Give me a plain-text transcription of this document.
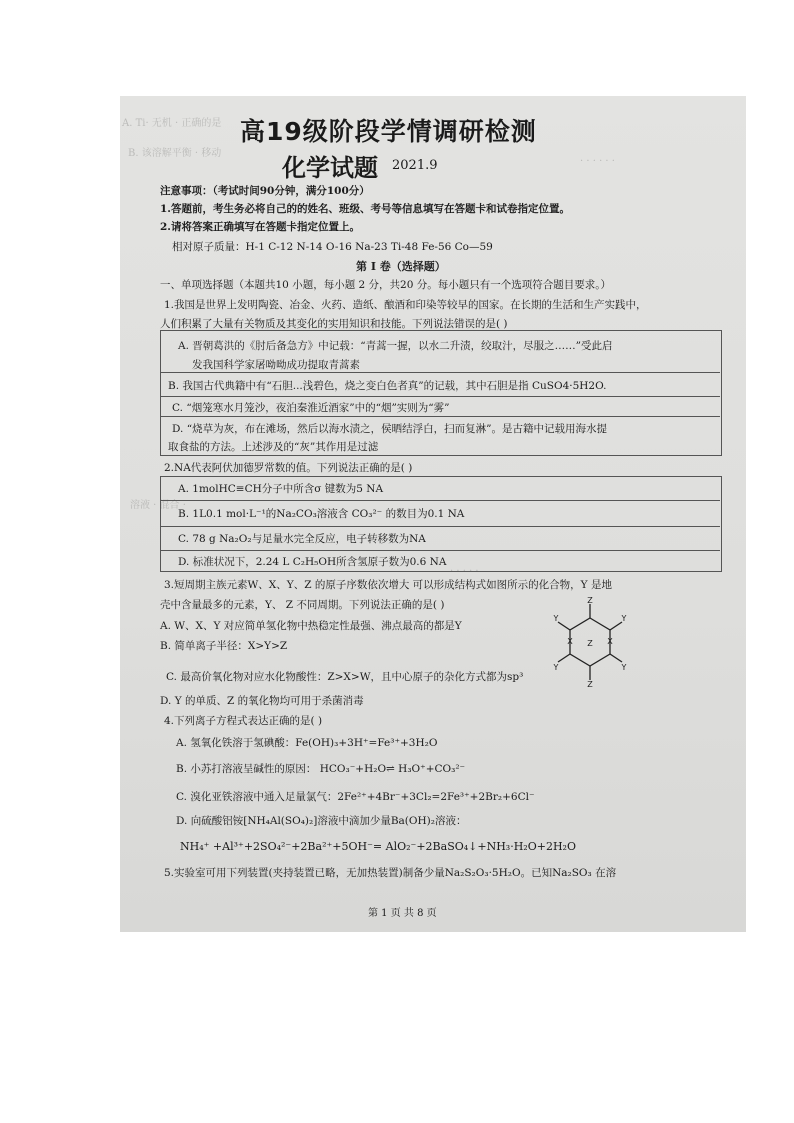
A. Ti· 无机 · 正确的是
B. 该溶解平衡 · 移动
· · · · · ·
溶液 · 混合 ·
· · · · ·
高19级阶段学情调研检测
化学试题 2021.9
注意事项：（考试时间90分钟，满分100分）
1.答题前，考生务必将自己的的姓名、班级、考号等信息填写在答题卡和试卷指定位置。
2.请将答案正确填写在答题卡指定位置上。
相对原子质量：H-1 C-12 N-14 O-16 Na-23 Ti-48 Fe-56 Co—59
第 Ⅰ 卷（选择题）
一、单项选择题（本题共10 小题，每小题 2 分，共20 分。每小题只有一个选项符合题目要求。）
1.我国是世界上发明陶瓷、冶金、火药、造纸、酿酒和印染等较早的国家。在长期的生活和生产实践中，
人们积累了大量有关物质及其变化的实用知识和技能。下列说法错误的是( )
A. 晋朝葛洪的《肘后备急方》中记载：“青蒿一握，以水二升渍，绞取汁，尽服之……”受此启
发我国科学家屠呦呦成功提取青蒿素
B. 我国古代典籍中有“石胆...浅碧色，烧之变白色者真”的记载，其中石胆是指 CuSO4·5H2O.
C. “烟笼寒水月笼沙，夜泊秦淮近酒家”中的“烟”实则为“雾”
D. “烧草为灰，布在滩场，然后以海水渍之，侯晒结浮白，扫而复淋”。是古籍中记载用海水提
取食盐的方法。上述涉及的“灰”其作用是过滤
2.NA代表阿伏加德罗常数的值。下列说法正确的是( )
A. 1molHC≡CH分子中所含σ 键数为5 NA
B. 1L0.1 mol·L⁻¹的Na₂CO₃溶液含 CO₃²⁻ 的数目为0.1 NA
C. 78 g Na₂O₂与足量水完全反应，电子转移数为NA
D. 标准状况下，2.24 L C₂H₅OH所含氢原子数为0.6 NA
3.短周期主族元素W、X、Y、Z 的原子序数依次增大 可以形成结构式如图所示的化合物，Y 是地
壳中含量最多的元素，Y、 Z 不同周期。下列说法正确的是( )
A. W、X、Y 对应简单氢化物中热稳定性最强、沸点最高的都是Y
B. 简单离子半径：X>Y>Z
C. 最高价氧化物对应水化物酸性：Z>X>W，且中心原子的杂化方式都为sp³
D. Y 的单质、Z 的氧化物均可用于杀菌消毒
Z
Y
Y
X
X
Y
Y
Z
Z
4.下列离子方程式表达正确的是( )
A. 氢氧化铁溶于氢碘酸：Fe(OH)₃+3H⁺=Fe³⁺+3H₂O
B. 小苏打溶液呈碱性的原因： HCO₃⁻+H₂O⇌ H₃O⁺+CO₃²⁻
C. 溴化亚铁溶液中通入足量氯气：2Fe²⁺+4Br⁻+3Cl₂=2Fe³⁺+2Br₂+6Cl⁻
D. 向硫酸铝铵[NH₄Al(SO₄)₂]溶液中滴加少量Ba(OH)₂溶液：
NH₄⁺ +Al³⁺+2SO₄²⁻+2Ba²⁺+5OH⁻= AlO₂⁻+2BaSO₄↓+NH₃·H₂O+2H₂O
5.实验室可用下列装置(夹持装置已略，无加热装置)制备少量Na₂S₂O₃·5H₂O。已知Na₂SO₃ 在溶
第 1 页 共 8 页
